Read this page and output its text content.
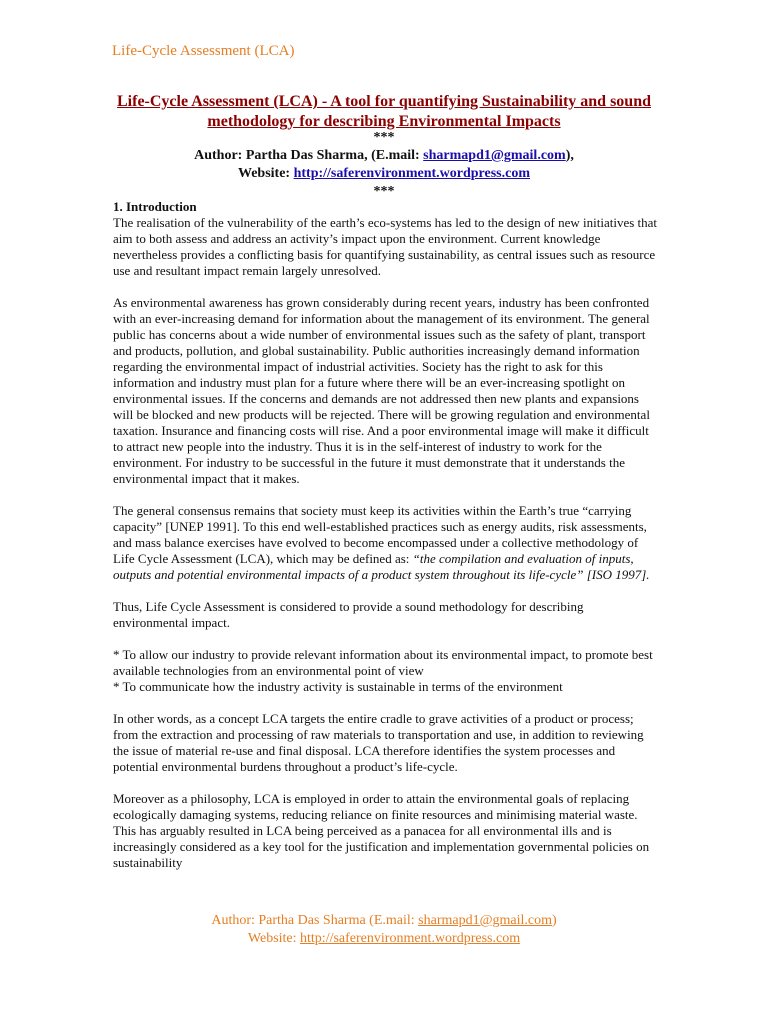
Life-Cycle Assessment (LCA)
Life-Cycle Assessment (LCA) - A tool for quantifying Sustainability and sound methodology for describing Environmental Impacts
***
Author: Partha Das Sharma, (E.mail: sharmapd1@gmail.com),
Website: http://saferenvironment.wordpress.com
***

1. Introduction

The realisation of the vulnerability of the earth’s eco-systems has led to the design of new initiatives that aim to both assess and address an activity’s impact upon the environment. Current knowledge nevertheless provides a conflicting basis for quantifying sustainability, as central issues such as resource use and resultant impact remain largely unresolved.

As environmental awareness has grown considerably during recent years, industry has been confronted with an ever-increasing demand for information about the management of its environment. The general public has concerns about a wide number of environmental issues such as the safety of plant, transport and products, pollution, and global sustainability. Public authorities increasingly demand information regarding the environmental impact of industrial activities. Society has the right to ask for this information and industry must plan for a future where there will be an ever-increasing spotlight on environmental issues. If the concerns and demands are not addressed then new plants and expansions will be blocked and new products will be rejected. There will be growing regulation and environmental taxation. Insurance and financing costs will rise. And a poor environmental image will make it difficult to attract new people into the industry. Thus it is in the self-interest of industry to work for the environment. For industry to be successful in the future it must demonstrate that it understands the environmental impact that it makes.

The general consensus remains that society must keep its activities within the Earth’s true “carrying capacity” [UNEP 1991]. To this end well-established practices such as energy audits, risk assessments, and mass balance exercises have evolved to become encompassed under a collective methodology of Life Cycle Assessment (LCA), which may be defined as: “the compilation and evaluation of inputs, outputs and potential environmental impacts of a product system throughout its life-cycle” [ISO 1997].

Thus, Life Cycle Assessment is considered to provide a sound methodology for describing environmental impact.

* To allow our industry to provide relevant information about its environmental impact, to promote best available technologies from an environmental point of view

* To communicate how the industry activity is sustainable in terms of the environment

In other words, as a concept LCA targets the entire cradle to grave activities of a product or process; from the extraction and processing of raw materials to transportation and use, in addition to reviewing the issue of material re-use and final disposal. LCA therefore identifies the system processes and potential environmental burdens throughout a product’s life-cycle.

Moreover as a philosophy, LCA is employed in order to attain the environmental goals of replacing ecologically damaging systems, reducing reliance on finite resources and minimising material waste. This has arguably resulted in LCA being perceived as a panacea for all environmental ills and is increasingly considered as a key tool for the justification and implementation governmental policies on sustainability

Author: Partha Das Sharma (E.mail: sharmapd1@gmail.com)
Website: http://saferenvironment.wordpress.com
